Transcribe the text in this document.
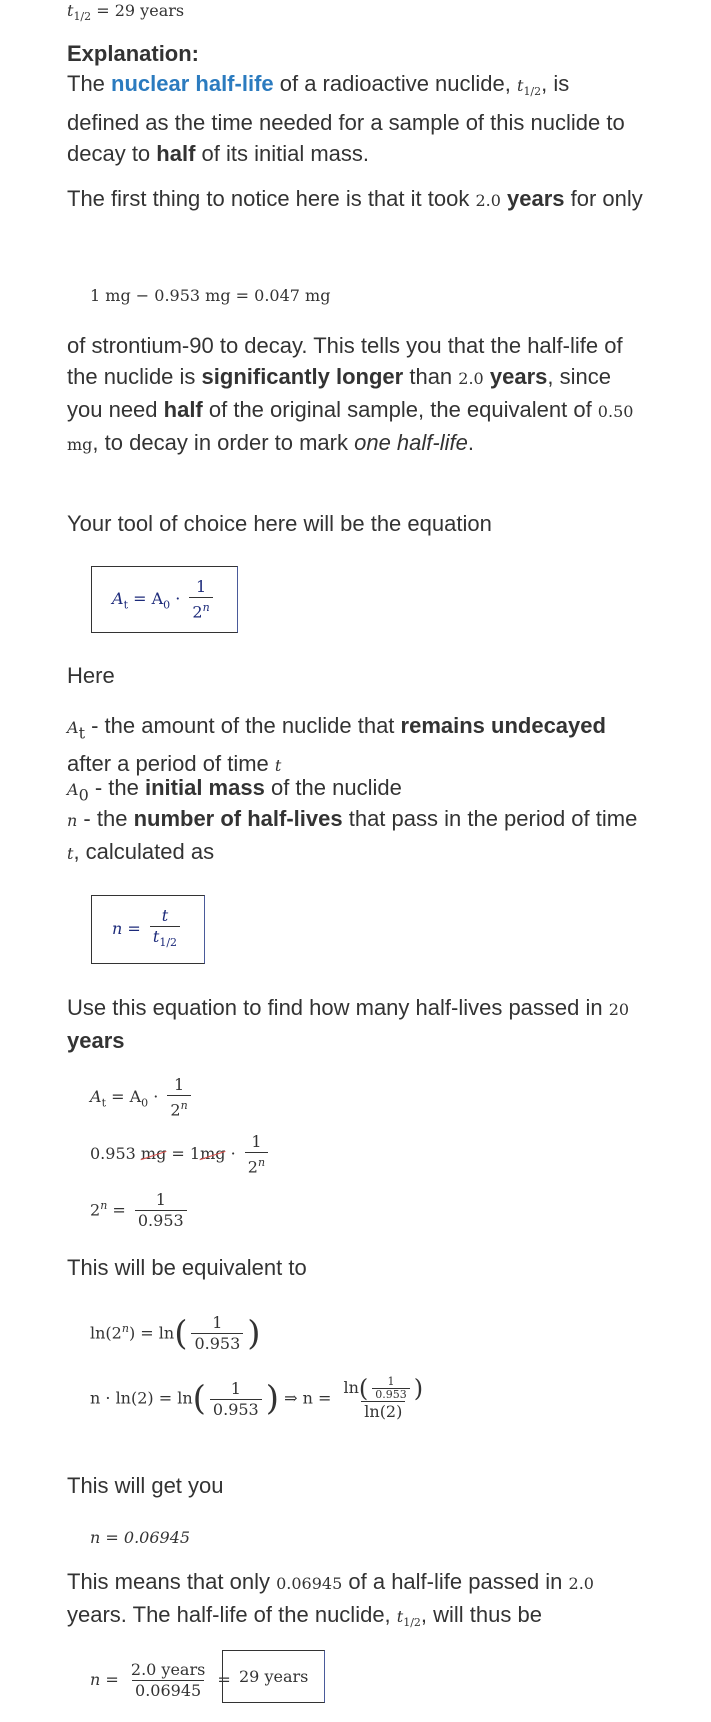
$t_{1/2} = 29$ years
Explanation:
The nuclear half-life of a radioactive nuclide, $t_{1/2}$, is defined as the time needed for a sample of this nuclide to decay to half of its initial mass.
The first thing to notice here is that it took 2.0 years for only
1 mg − 0.953 mg = 0.047 mg
of strontium-90 to decay. This tells you that the half-life of the nuclide is significantly longer than 2.0 years, since you need half of the original sample, the equivalent of 0.50 mg, to decay in order to mark one half-life.
Your tool of choice here will be the equation
$A_t = A_0 \cdot \frac{1}{2^n}$
Here
$A_t$ - the amount of the nuclide that remains undecayed after a period of time t
$A_0$ - the initial mass of the nuclide
n - the number of half-lives that pass in the period of time t, calculated as
$n = \frac{t}{t_{1/2}}$
Use this equation to find how many half-lives passed in 20 years
$A_t = A_0 \cdot \frac{1}{2^n}$
0.953 mg = $1mg \cdot \frac{1}{2^n}$
$2^n = \frac{1}{0.953}$
This will be equivalent to
$\ln(2^n) = \ln( \frac{1}{0.953}$ )
$n \cdot \ln(2) = \ln( \frac{1}{0.953}$ ) ⇒ $n = \frac{\ln( \frac{1}{0.953} )}{\ln(2)}$
This will get you
n = 0.06945
This means that only 0.06945 of a half-life passed in 2.0 years. The half-life of the nuclide, $t_{1/2}$, will thus be
$n = \frac{\text{2.0 years}}{0.06945} = 29$ years
